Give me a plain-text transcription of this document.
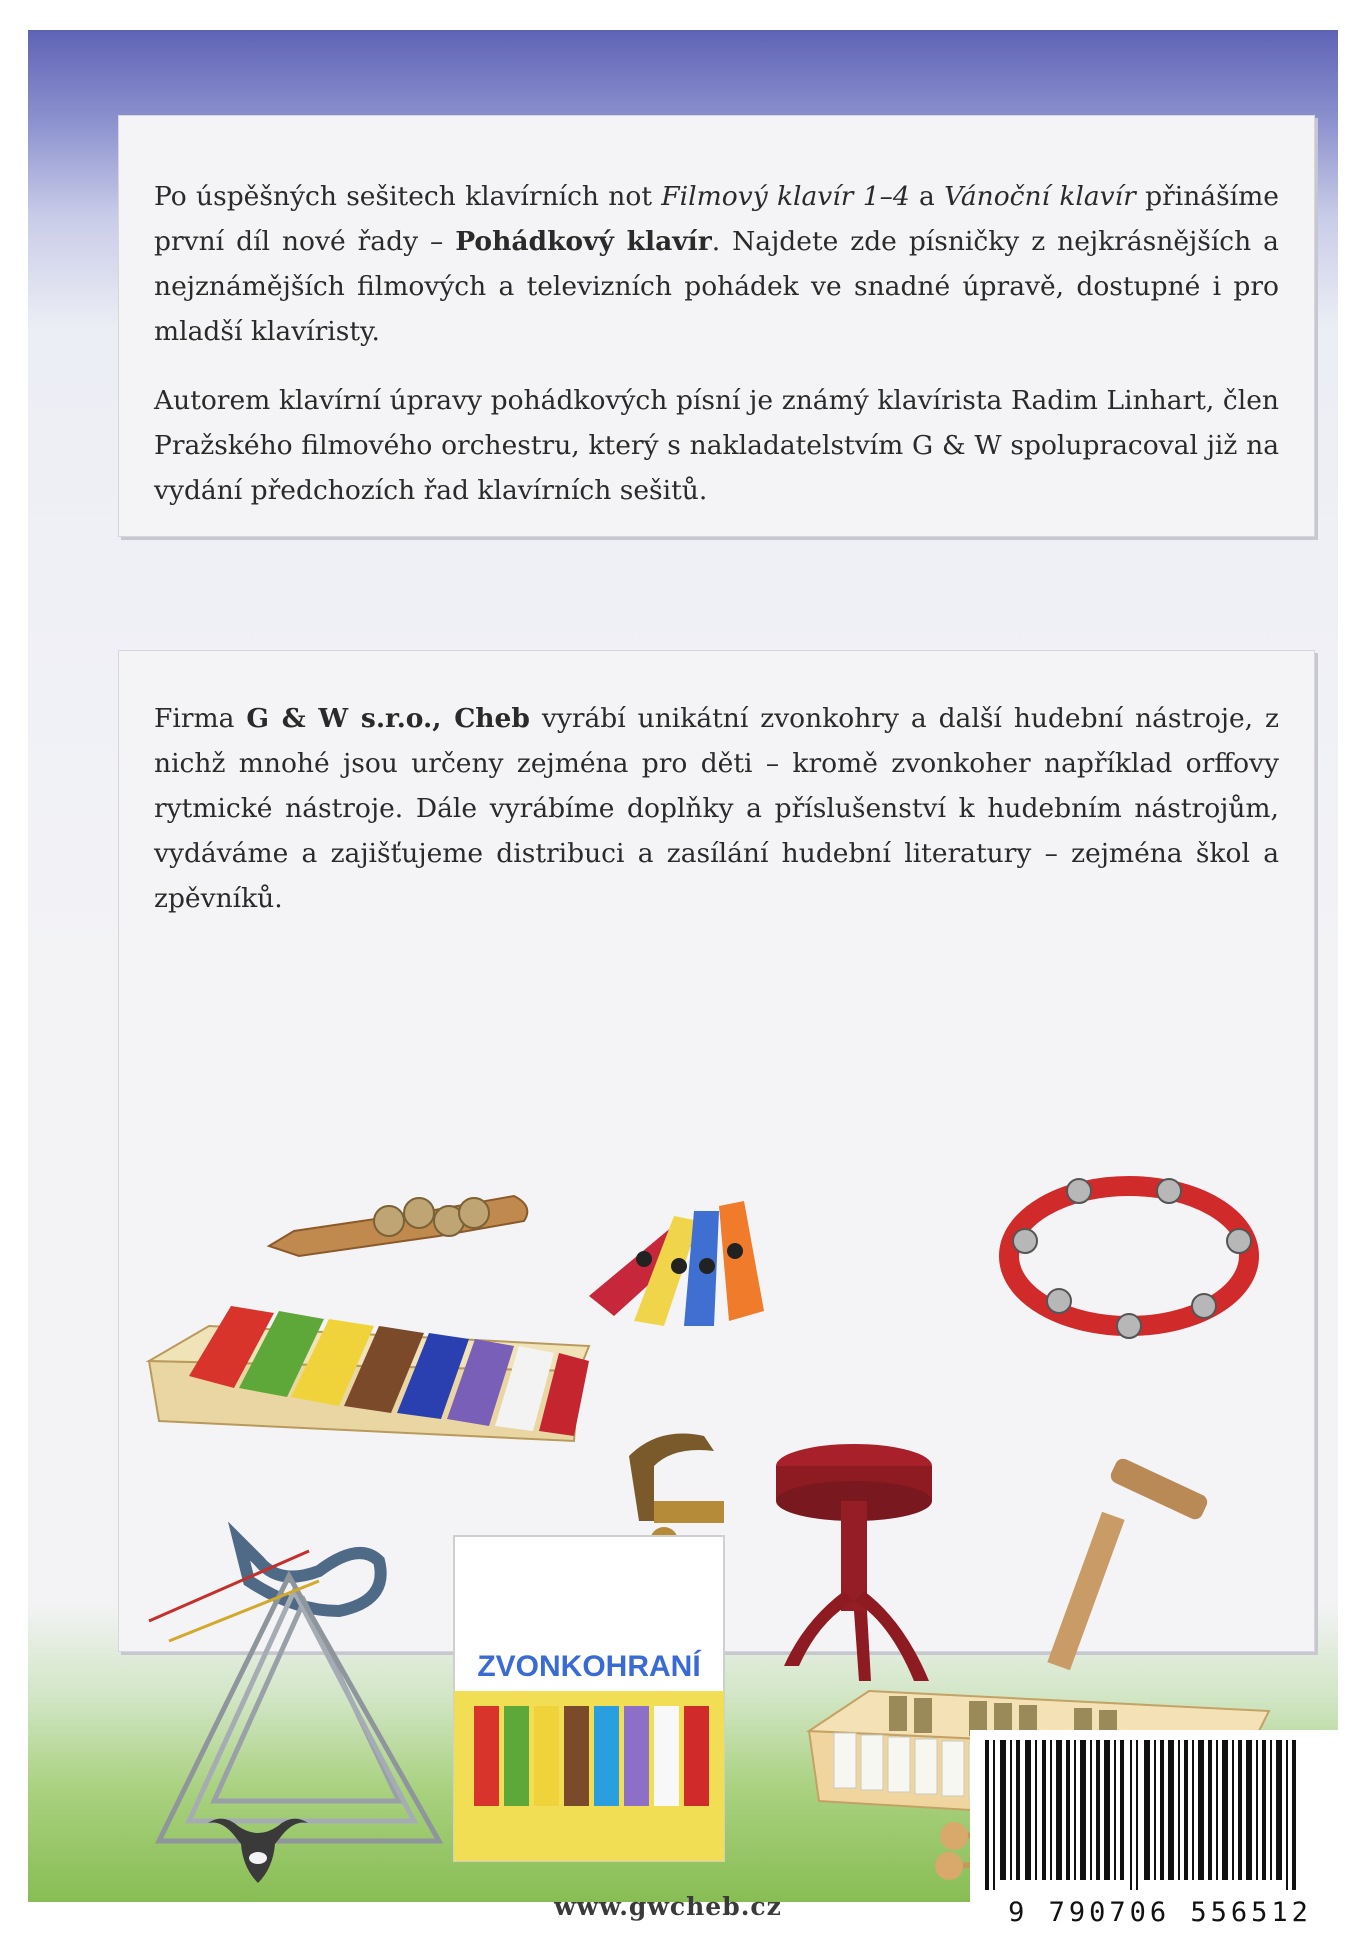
Po úspěšných sešitech klavírních not Filmový klavír 1–4 a Vánoční klavír přinášíme první díl nové řady – Pohádkový klavír. Najdete zde písničky z nejkrásnějších a nejznámějších filmových a televizních pohádek ve snadné úpravě, dostupné i pro mladší klavíristy.

Autorem klavírní úpravy pohádkových písní je známý klavírista Radim Linhart, člen Pražského filmového orchestru, který s nakladatelstvím G & W spolupracoval již na vydání předchozích řad klavírních sešitů.

Firma G & W s.r.o., Cheb vyrábí unikátní zvonkohry a další hudební nástroje, z nichž mnohé jsou určeny zejména pro děti – kromě zvonkoher například orffovy rytmické nástroje. Dále vyrábíme doplňky a příslušenství k hudebním nástrojům, vydáváme a zajišťujeme distribuci a zasílání hudební literatury – zejména škol a zpěvníků.

ZVONKOHRANÍ
www.gwcheb.cz	9 790706 556512
